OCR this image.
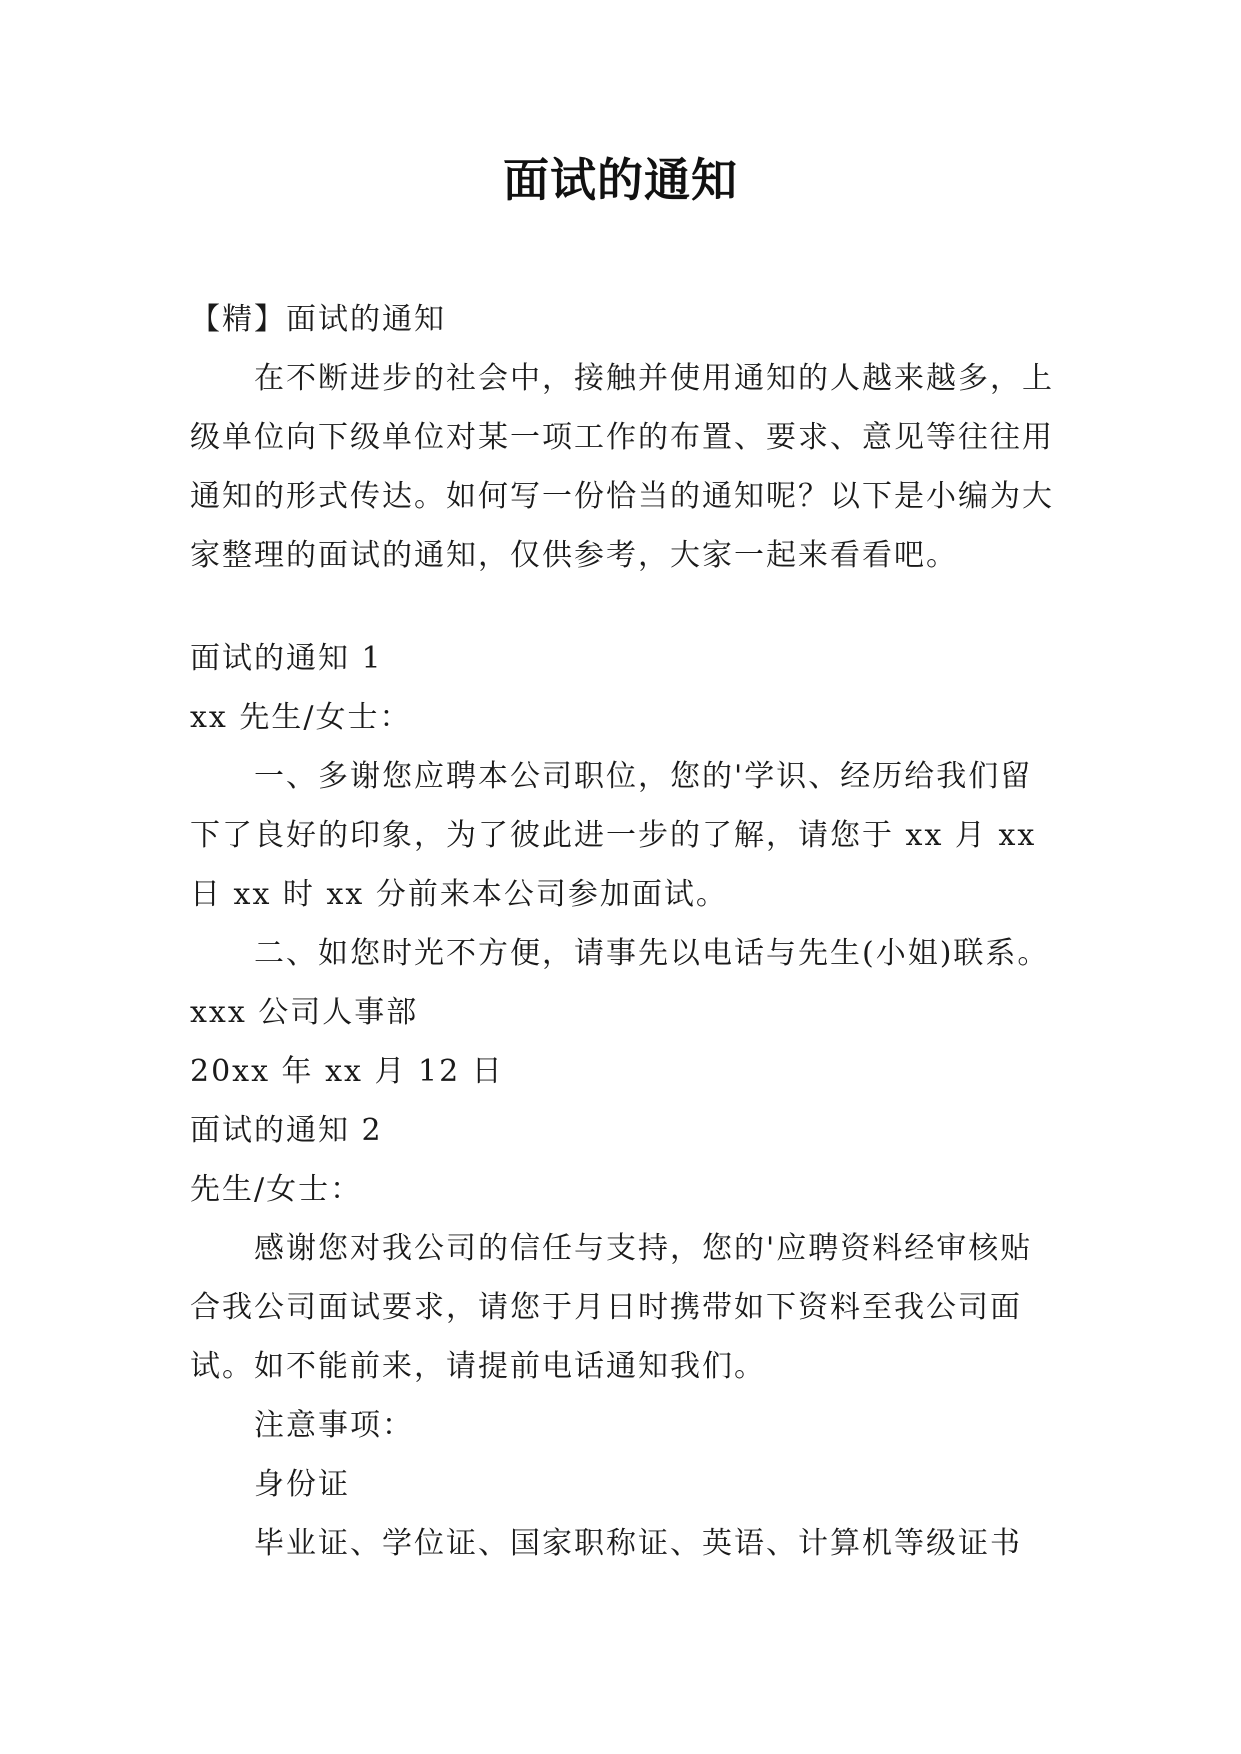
面试的通知

【精】面试的通知

在不断进步的社会中，接触并使用通知的人越来越多，上级单位向下级单位对某一项工作的布置、要求、意见等往往用通知的形式传达。如何写一份恰当的通知呢？以下是小编为大家整理的面试的通知，仅供参考，大家一起来看看吧。

面试的通知 1

xx 先生/女士：

一、多谢您应聘本公司职位，您的'学识、经历给我们留下了良好的印象，为了彼此进一步的了解，请您于 xx 月 xx 日 xx 时 xx 分前来本公司参加面试。

二、如您时光不方便，请事先以电话与先生(小姐)联系。

xxx 公司人事部

20xx 年 xx 月 12 日

面试的通知 2

先生/女士：

感谢您对我公司的信任与支持，您的'应聘资料经审核贴合我公司面试要求，请您于月日时携带如下资料至我公司面试。如不能前来，请提前电话通知我们。

注意事项：

身份证

毕业证、学位证、国家职称证、英语、计算机等级证书
